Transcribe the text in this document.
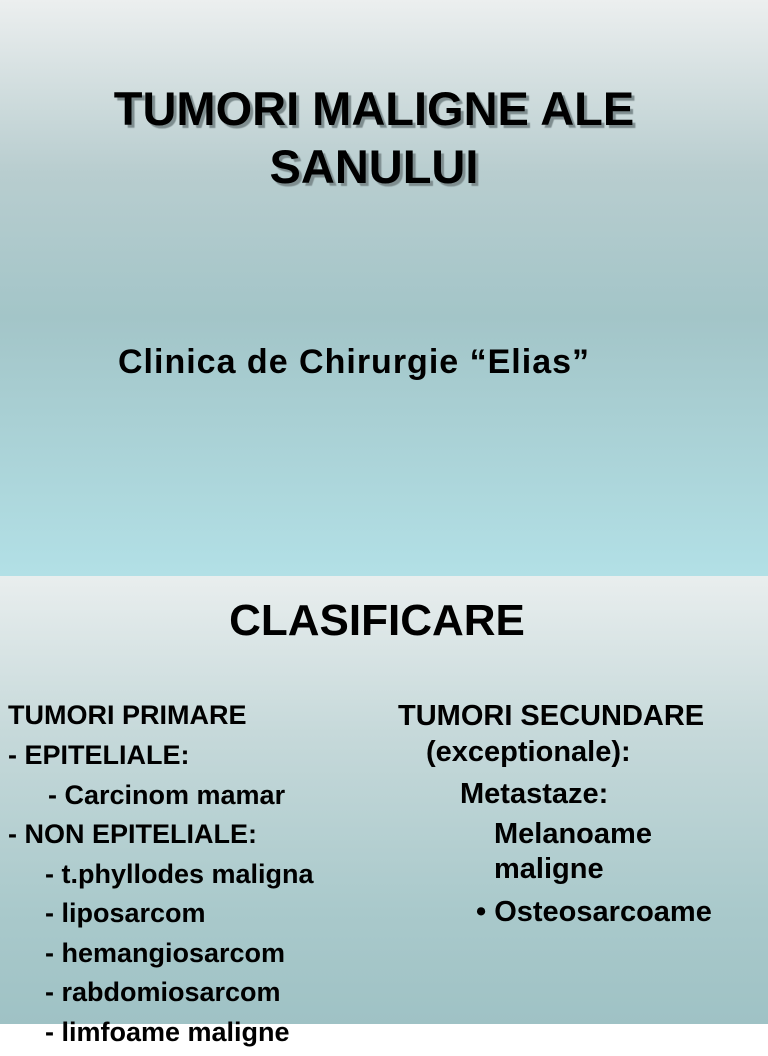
TUMORI MALIGNE ALE
SANULUI
Clinica de Chirurgie “Elias”
CLASIFICARE
TUMORI PRIMARE
- EPITELIALE:
- Carcinom mamar
- NON EPITELIALE:
- t.phyllodes maligna
- liposarcom
- hemangiosarcom
- rabdomiosarcom
- limfoame maligne
TUMORI SECUNDARE
(exceptionale):
Metastaze:
Melanoame
maligne
• Osteosarcoame
